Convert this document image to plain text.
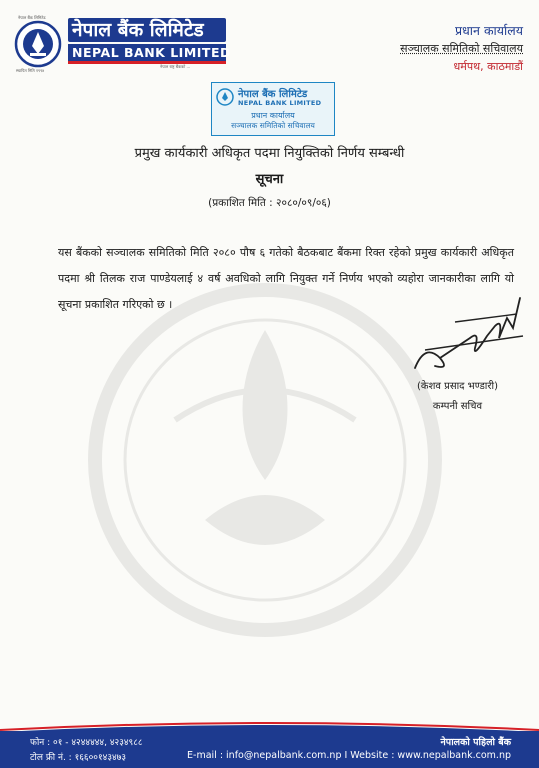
नेपाल बैंक लिमिटेड
स्थापित मिति १९९४
नेपाल बैंक लिमिटेड
NEPAL BANK LIMITED
नेपाल राष्ट्र बैंकको ...
प्रधान कार्यालय
सञ्चालक समितिको सचिवालय
धर्मपथ, काठमाडौं
नेपाल बैंक लिमिटेड
NEPAL BANK LIMITED
प्रधान कार्यालय
सञ्चालक समितिको सचिवालय
प्रमुख कार्यकारी अधिकृत पदमा नियुक्तिको निर्णय सम्बन्धी
सूचना
(प्रकाशित मिति : २०८०/०९/०६)
यस बैंकको सञ्चालक समितिको मिति २०८० पौष ६ गतेको बैठकबाट बैंकमा रिक्त रहेको प्रमुख कार्यकारी अधिकृत पदमा श्री तिलक राज पाण्डेयलाई ४ वर्ष अवधिको लागि नियुक्त गर्ने निर्णय भएको व्यहोरा जानकारीका लागि यो सूचना प्रकाशित गरिएको छ ।
(केशव प्रसाद भण्डारी)
कम्पनी सचिव
फोन : ०१ - ४२४४४४४, ४२३४९८८
टोल फ्री नं. : १६६००१४३४७३
नेपालको पहिलो बैंक
E-mail : info@nepalbank.com.np I Website : www.nepalbank.com.np
